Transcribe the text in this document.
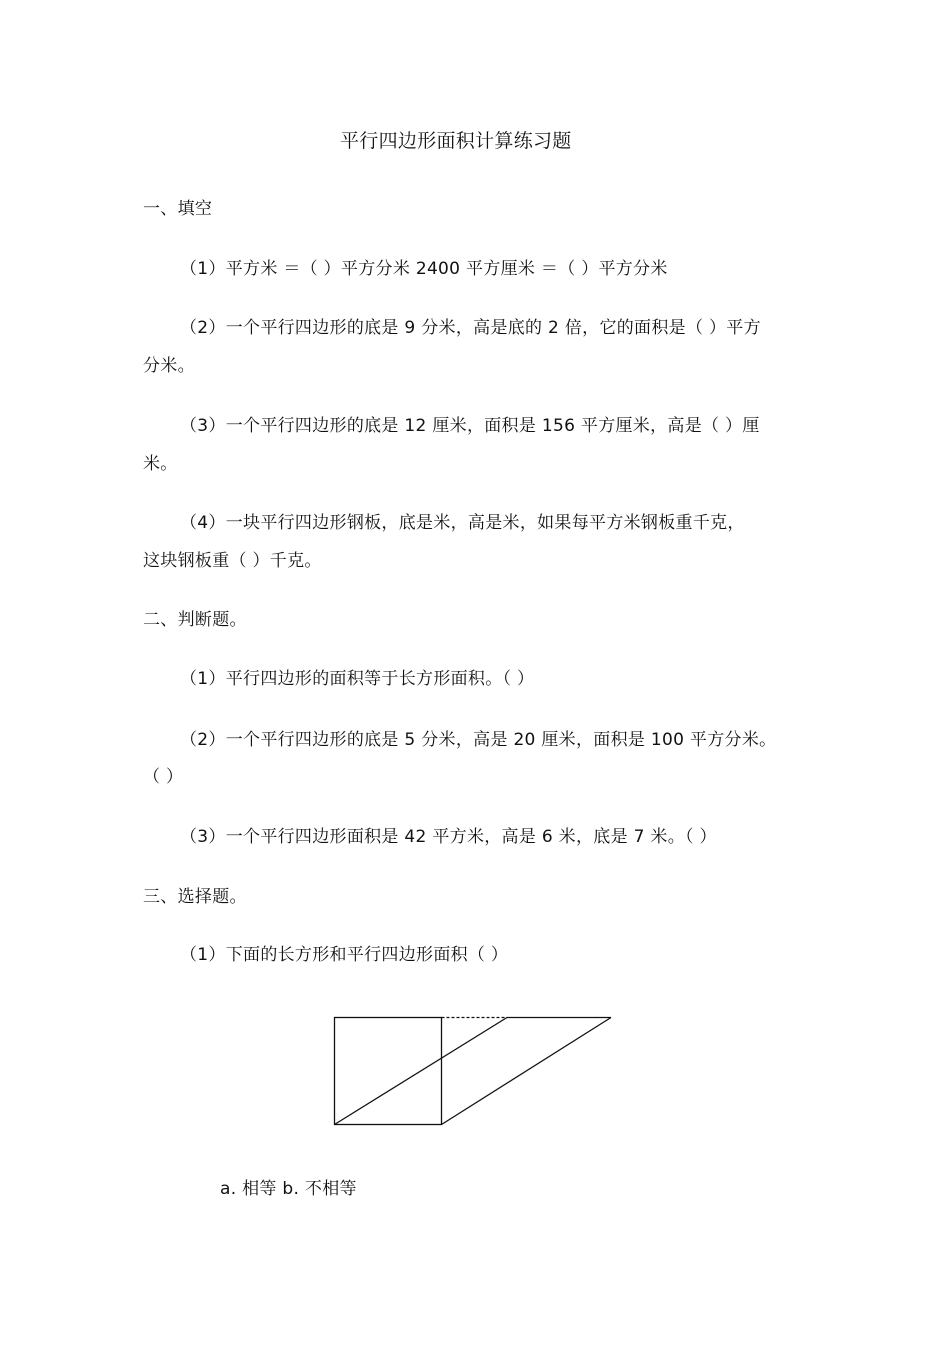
平行四边形面积计算练习题
一、填空
（1）平方米 ＝（ ）平方分米 2400 平方厘米 ＝（ ）平方分米
（2）一个平行四边形的底是 9 分米，高是底的 2 倍，它的面积是（ ）平方
分米。
（3）一个平行四边形的底是 12 厘米，面积是 156 平方厘米，高是（ ）厘
米。
（4）一块平行四边形钢板，底是米，高是米，如果每平方米钢板重千克，
这块钢板重（ ）千克。
二、判断题。
（1）平行四边形的面积等于长方形面积。（ ）
（2）一个平行四边形的底是 5 分米，高是 20 厘米，面积是 100 平方分米。
（ ）
（3）一个平行四边形面积是 42 平方米，高是 6 米，底是 7 米。（ ）
三、选择题。
（1）下面的长方形和平行四边形面积（ ）
a. 相等 b. 不相等
